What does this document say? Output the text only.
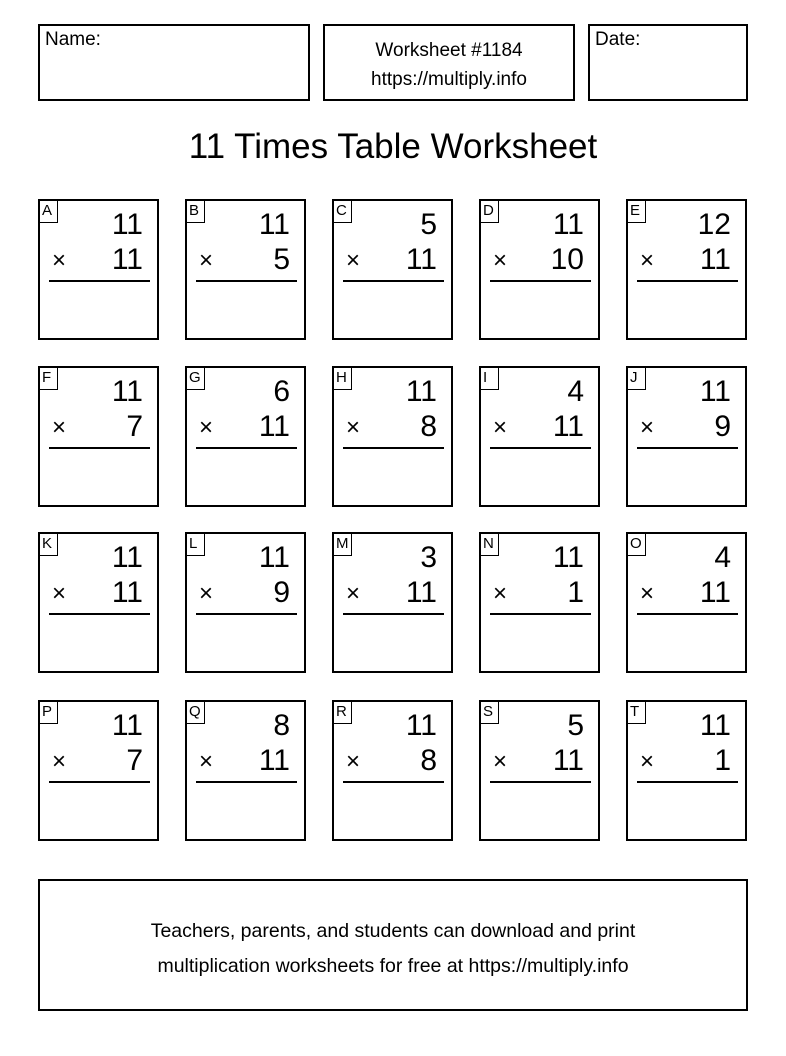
Name:
Worksheet #1184
https://multiply.info
Date:
11 Times Table Worksheet
A 11
× 11
B 11
× 5
C 5
× 11
D 11
× 10
E 12
× 11
F 11
× 7
G 6
× 11
H 11
× 8
I	4
× 11
J 11
× 9
K 11
× 11
L 11
× 9
M 3
× 11
N 11
× 1
O 4
× 11
P 11
× 7
Q 8
× 11
R 11
× 8
S 5
× 11
T 11
× 1
Teachers, parents, and students can download and print
multiplication worksheets for free at https://multiply.info
